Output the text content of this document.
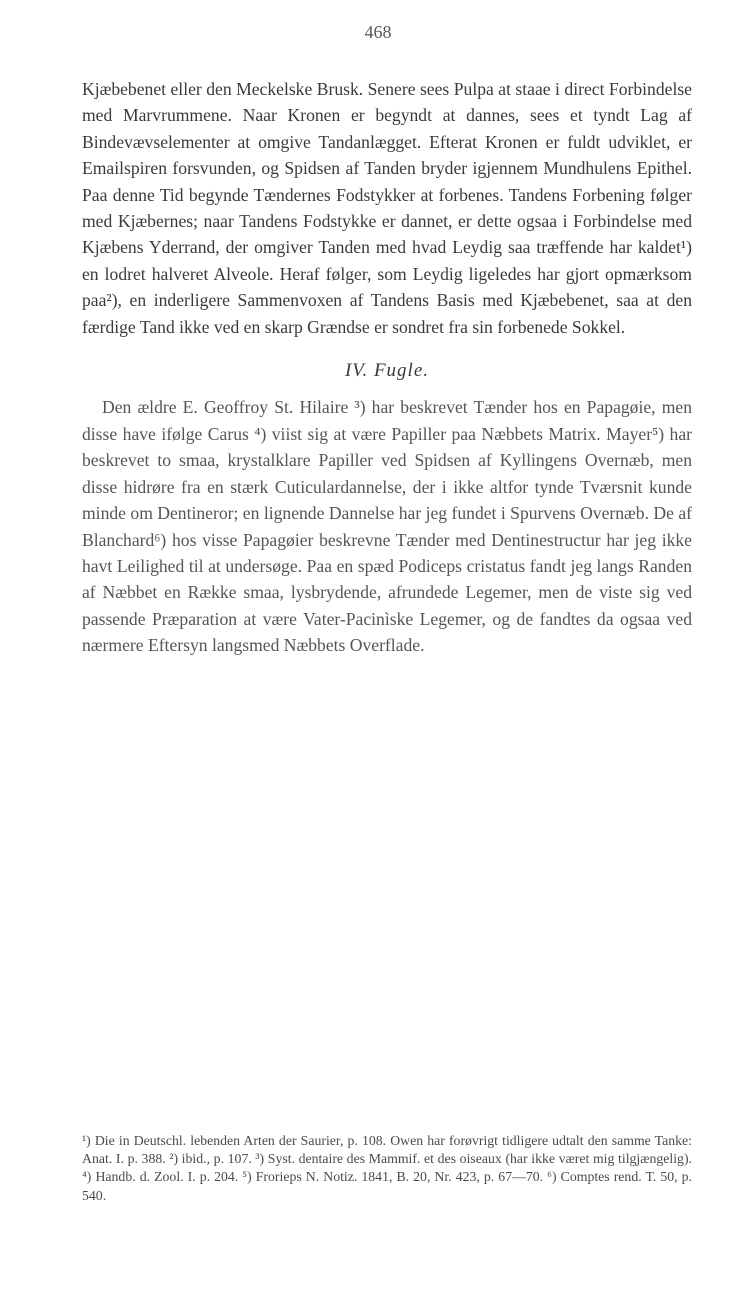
468

Kjæbebenet eller den Meckelske Brusk. Senere sees Pulpa at staae i direct Forbindelse med Marvrummene. Naar Kronen er begyndt at dannes, sees et tyndt Lag af Bindevævselementer at omgive Tandanlægget. Efterat Kronen er fuldt udviklet, er Emailspiren forsvunden, og Spidsen af Tanden bryder igjennem Mundhulens Epithel. Paa denne Tid begynde Tændernes Fodstykker at forbenes. Tandens Forbening følger med Kjæbernes; naar Tandens Fodstykke er dannet, er dette ogsaa i Forbindelse med Kjæbens Yderrand, der omgiver Tanden med hvad Leydig saa træffende har kaldet¹) en lodret halveret Alveole. Heraf følger, som Leydig ligeledes har gjort opmærksom paa²), en inderligere Sammenvoxen af Tandens Basis med Kjæbebenet, saa at den færdige Tand ikke ved en skarp Grændse er sondret fra sin forbenede Sokkel.

IV. Fugle.

Den ældre E. Geoffroy St. Hilaire ³) har beskrevet Tænder hos en Papagøie, men disse have ifølge Carus ⁴) viist sig at være Papiller paa Næbbets Matrix. Mayer⁵) har beskrevet to smaa, krystalklare Papiller ved Spidsen af Kyllingens Overnæb, men disse hidrøre fra en stærk Cuticulardannelse, der i ikke altfor tynde Tværsnit kunde minde om Dentineror; en lignende Dannelse har jeg fundet i Spurvens Overnæb. De af Blanchard⁶) hos visse Papagøier beskrevne Tænder med Dentinestructur har jeg ikke havt Leilighed til at undersøge. Paa en spæd Podiceps cristatus fandt jeg langs Randen af Næbbet en Række smaa, lysbrydende, afrundede Legemer, men de viste sig ved passende Præparation at være Vater-Pacinìske Legemer, og de fandtes da ogsaa ved nærmere Eftersyn langsmed Næbbets Overflade.

¹) Die in Deutschl. lebenden Arten der Saurier, p. 108. Owen har forøvrigt tidligere udtalt den samme Tanke: Anat. I. p. 388. ²) ibid., p. 107. ³) Syst. dentaire des Mammif. et des oiseaux (har ikke været mig tilgjængelig). ⁴) Handb. d. Zool. I. p. 204. ⁵) Frorieps N. Notiz. 1841, B. 20, Nr. 423, p. 67—70. ⁶) Comptes rend. T. 50, p. 540.
